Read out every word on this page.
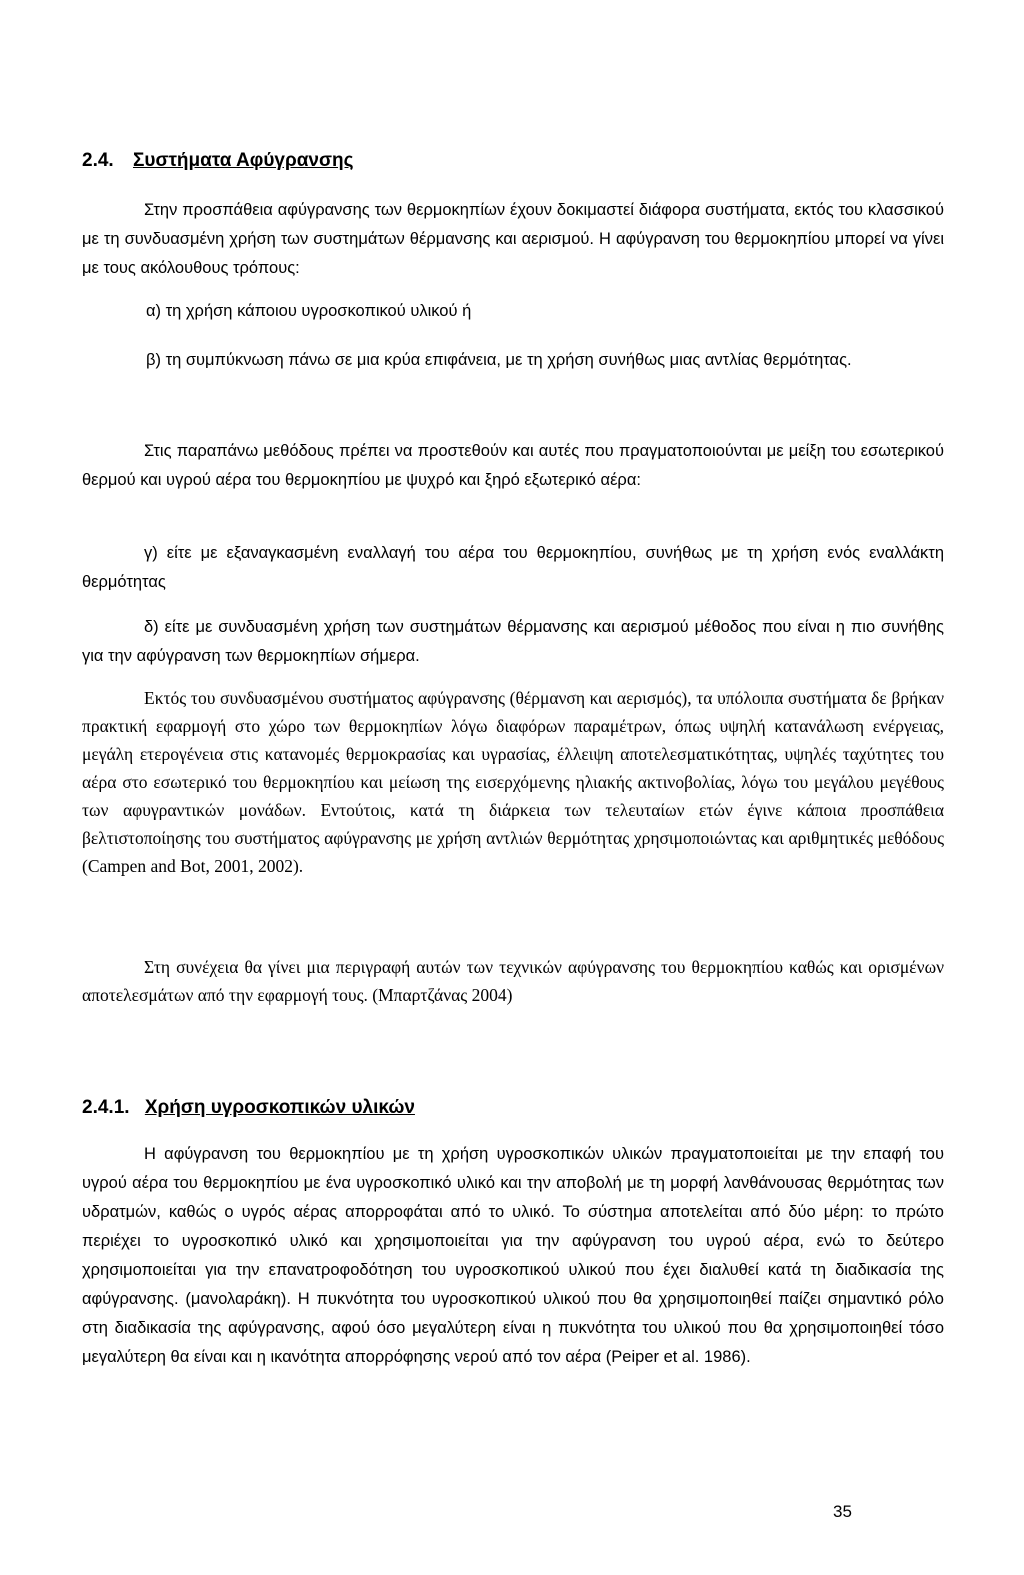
2.4. Συστήματα Αφύγρανσης
Στην προσπάθεια αφύγρανσης των θερμοκηπίων έχουν δοκιμαστεί διάφορα συστήματα, εκτός του κλασσικού με τη συνδυασμένη χρήση των συστημάτων θέρμανσης και αερισμού. Η αφύγρανση του θερμοκηπίου μπορεί να γίνει με τους ακόλουθους τρόπους:
α) τη χρήση κάποιου υγροσκοπικού υλικού ή
β) τη συμπύκνωση πάνω σε μια κρύα επιφάνεια, με τη χρήση συνήθως μιας αντλίας θερμότητας.
Στις παραπάνω μεθόδους πρέπει να προστεθούν και αυτές που πραγματοποιούνται με μείξη του εσωτερικού θερμού και υγρού αέρα του θερμοκηπίου με ψυχρό και ξηρό εξωτερικό αέρα:
γ) είτε με εξαναγκασμένη εναλλαγή του αέρα του θερμοκηπίου, συνήθως με τη χρήση ενός εναλλάκτη θερμότητας
δ) είτε με συνδυασμένη χρήση των συστημάτων θέρμανσης και αερισμού μέθοδος που είναι η πιο συνήθης για την αφύγρανση των θερμοκηπίων σήμερα.
Εκτός του συνδυασμένου συστήματος αφύγρανσης (θέρμανση και αερισμός), τα υπόλοιπα συστήματα δε βρήκαν πρακτική εφαρμογή στο χώρο των θερμοκηπίων λόγω διαφόρων παραμέτρων, όπως υψηλή κατανάλωση ενέργειας, μεγάλη ετερογένεια στις κατανομές θερμοκρασίας και υγρασίας, έλλειψη αποτελεσματικότητας, υψηλές ταχύτητες του αέρα στο εσωτερικό του θερμοκηπίου και μείωση της εισερχόμενης ηλιακής ακτινοβολίας, λόγω του μεγάλου μεγέθους των αφυγραντικών μονάδων. Εντούτοις, κατά τη διάρκεια των τελευταίων ετών έγινε κάποια προσπάθεια βελτιστοποίησης του συστήματος αφύγρανσης με χρήση αντλιών θερμότητας χρησιμοποιώντας και αριθμητικές μεθόδους (Campen and Bot, 2001, 2002).
Στη συνέχεια θα γίνει μια περιγραφή αυτών των τεχνικών αφύγρανσης του θερμοκηπίου καθώς και ορισμένων αποτελεσμάτων από την εφαρμογή τους. (Μπαρτζάνας 2004)
2.4.1. Χρήση υγροσκοπικών υλικών
Η αφύγρανση του θερμοκηπίου με τη χρήση υγροσκοπικών υλικών πραγματοποιείται με την επαφή του υγρού αέρα του θερμοκηπίου με ένα υγροσκοπικό υλικό και την αποβολή με τη μορφή λανθάνουσας θερμότητας των υδρατμών, καθώς ο υγρός αέρας απορροφάται από το υλικό. Το σύστημα αποτελείται από δύο μέρη: το πρώτο περιέχει το υγροσκοπικό υλικό και χρησιμοποιείται για την αφύγρανση του υγρού αέρα, ενώ το δεύτερο χρησιμοποιείται για την επανατροφοδότηση του υγροσκοπικού υλικού που έχει διαλυθεί κατά τη διαδικασία της αφύγρανσης. (μανολαράκη). Η πυκνότητα του υγροσκοπικού υλικού που θα χρησιμοποιηθεί παίζει σημαντικό ρόλο στη διαδικασία της αφύγρανσης, αφού όσο μεγαλύτερη είναι η πυκνότητα του υλικού που θα χρησιμοποιηθεί τόσο μεγαλύτερη θα είναι και η ικανότητα απορρόφησης νερού από τον αέρα (Peiper et al. 1986).
35
